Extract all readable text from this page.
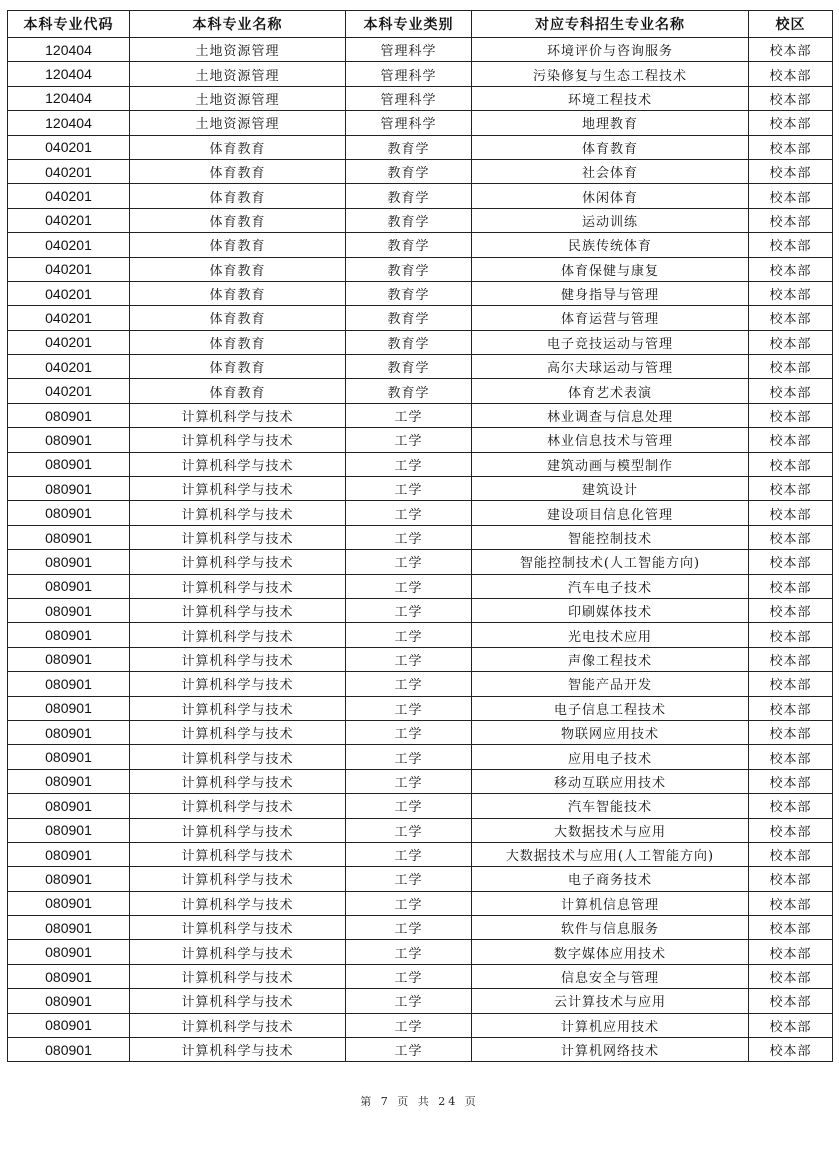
本科专业代码	本科专业名称	本科专业类别	对应专科招生专业名称	校区
120404	土地资源管理	管理科学	环境评价与咨询服务	校本部
120404	土地资源管理	管理科学	污染修复与生态工程技术	校本部
120404	土地资源管理	管理科学	环境工程技术	校本部
120404	土地资源管理	管理科学	地理教育	校本部
040201	体育教育	教育学	体育教育	校本部
040201	体育教育	教育学	社会体育	校本部
040201	体育教育	教育学	休闲体育	校本部
040201	体育教育	教育学	运动训练	校本部
040201	体育教育	教育学	民族传统体育	校本部
040201	体育教育	教育学	体育保健与康复	校本部
040201	体育教育	教育学	健身指导与管理	校本部
040201	体育教育	教育学	体育运营与管理	校本部
040201	体育教育	教育学	电子竞技运动与管理	校本部
040201	体育教育	教育学	高尔夫球运动与管理	校本部
040201	体育教育	教育学	体育艺术表演	校本部
080901	计算机科学与技术	工学	林业调查与信息处理	校本部
080901	计算机科学与技术	工学	林业信息技术与管理	校本部
080901	计算机科学与技术	工学	建筑动画与模型制作	校本部
080901	计算机科学与技术	工学	建筑设计	校本部
080901	计算机科学与技术	工学	建设项目信息化管理	校本部
080901	计算机科学与技术	工学	智能控制技术	校本部
080901	计算机科学与技术	工学	智能控制技术(人工智能方向)	校本部
080901	计算机科学与技术	工学	汽车电子技术	校本部
080901	计算机科学与技术	工学	印刷媒体技术	校本部
080901	计算机科学与技术	工学	光电技术应用	校本部
080901	计算机科学与技术	工学	声像工程技术	校本部
080901	计算机科学与技术	工学	智能产品开发	校本部
080901	计算机科学与技术	工学	电子信息工程技术	校本部
080901	计算机科学与技术	工学	物联网应用技术	校本部
080901	计算机科学与技术	工学	应用电子技术	校本部
080901	计算机科学与技术	工学	移动互联应用技术	校本部
080901	计算机科学与技术	工学	汽车智能技术	校本部
080901	计算机科学与技术	工学	大数据技术与应用	校本部
080901	计算机科学与技术	工学	大数据技术与应用(人工智能方向)	校本部
080901	计算机科学与技术	工学	电子商务技术	校本部
080901	计算机科学与技术	工学	计算机信息管理	校本部
080901	计算机科学与技术	工学	软件与信息服务	校本部
080901	计算机科学与技术	工学	数字媒体应用技术	校本部
080901	计算机科学与技术	工学	信息安全与管理	校本部
080901	计算机科学与技术	工学	云计算技术与应用	校本部
080901	计算机科学与技术	工学	计算机应用技术	校本部
080901	计算机科学与技术	工学	计算机网络技术	校本部
第 7 页 共 24 页
